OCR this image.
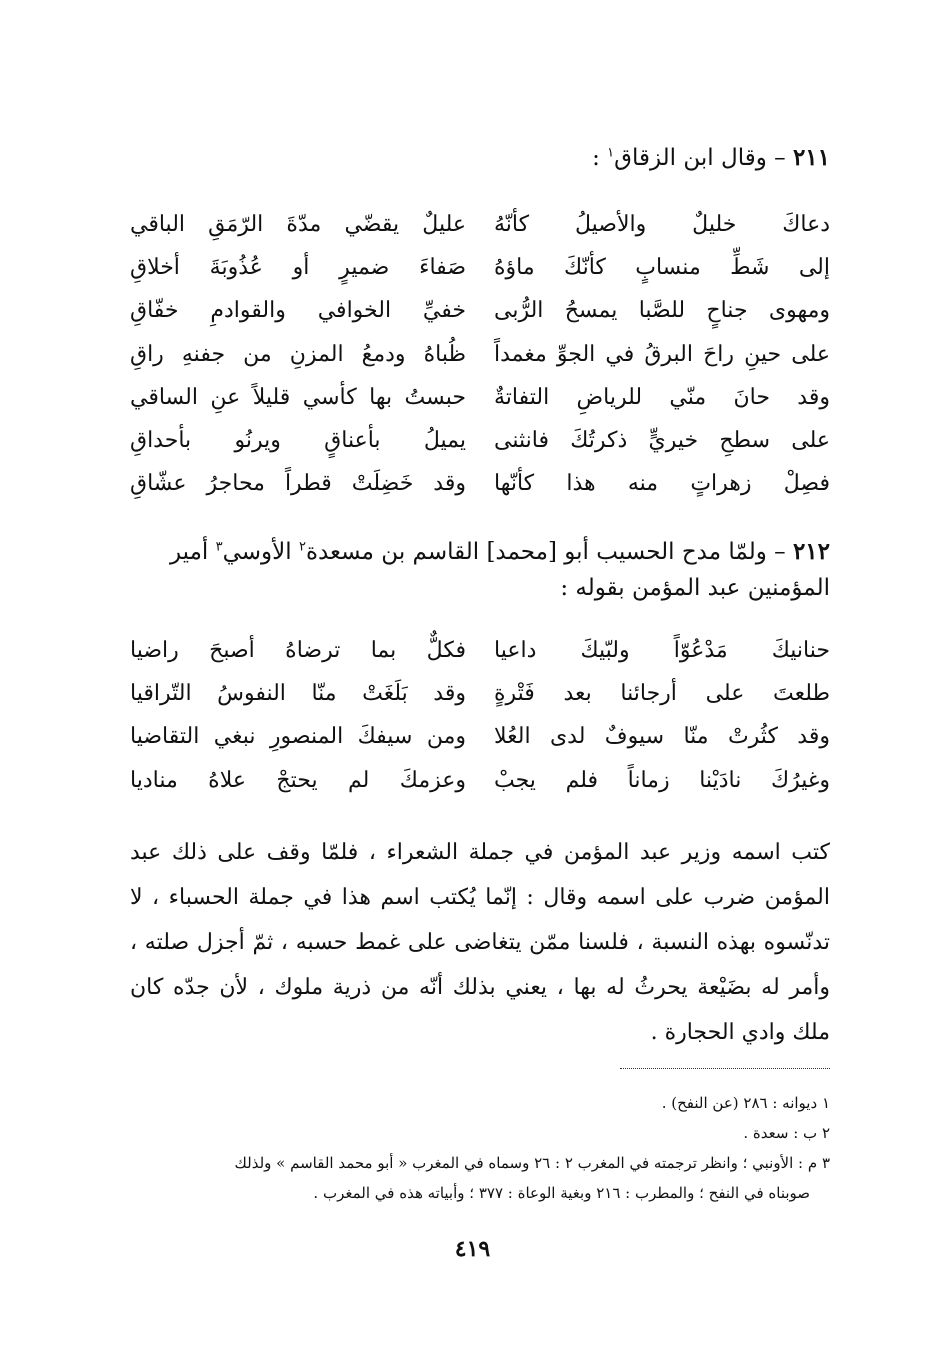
٢١١ – وقال ابن الزقاق$^١$ :
دعاكَ خليلٌ والأصيلُ كأنّهُ
عليلٌ يقضّي مدّةَ الرّمَقِ الباقي
إلى شَطِّ منسابٍ كأنّكَ ماؤهُ
صَفاءَ ضميرٍ أو عُذُوبَةَ أخلاقِ
ومهوى جناحٍ للصَّبا يمسحُ الرُّبى
خفيِّ الخوافي والقوادمِ خفّاقِ
على حينِ راحَ البرقُ في الجوِّ مغمداً
ظُباهُ ودمعُ المزنِ من جفنهِ راقِ
وقد حانَ منّي للرياضِ التفاتةٌ
حبستُ بها كأسي قليلاً عنِ الساقي
على سطحِ خيريٍّ ذكرتُكَ فانثنى
يميلُ بأعناقٍ ويرنُو بأحداقِ
فصِلْ زهراتٍ منه هذا كأنّها
وقد خَضِلَتْ قطراً محاجرُ عشّاقِ
٢١٢ – ولمّا مدح الحسيب أبو [محمد] القاسم بن مسعدة$^٢$ الأوسي$^٣$ أمير
المؤمنين عبد المؤمن بقوله :
حنانيكَ مَدْعُوّاً ولبّيكَ داعيا
فكلٌّ بما ترضاهُ أصبحَ راضيا
طلعتَ على أرجائنا بعد فَتْرةٍ
وقد بَلَغَتْ منّا النفوسُ التّراقيا
وقد كثُرتْ منّا سيوفٌ لدى العُلا
ومن سيفكَ المنصورِ نبغي التقاضيا
وغيرُكَ نادَيْنا زماناً فلم يجبْ
وعزمكَ لم يحتجْ علاهُ مناديا

كتب اسمه وزير عبد المؤمن في جملة الشعراء ، فلمّا وقف على ذلك عبد المؤمن ضرب على اسمه وقال : إنّما يُكتب اسم هذا في جملة الحسباء ، لا تدنّسوه بهذه النسبة ، فلسنا ممّن يتغاضى على غمط حسبه ، ثمّ أجزل صلته ، وأمر له بضَيْعة يحرثُ له بها ، يعني بذلك أنّه من ذرية ملوك ، لأن جدّه كان ملك وادي الحجارة .

١ ديوانه : ٢٨٦ (عن النفح) .
٢ ب : سعدة .
٣ م : الأونبي ؛ وانظر ترجمته في المغرب ٢ : ٢٦ وسماه في المغرب « أبو محمد القاسم » ولذلك
صوبناه في النفح ؛ والمطرب : ٢١٦ وبغية الوعاة : ٣٧٧ ؛ وأبياته هذه في المغرب .
٤١٩
